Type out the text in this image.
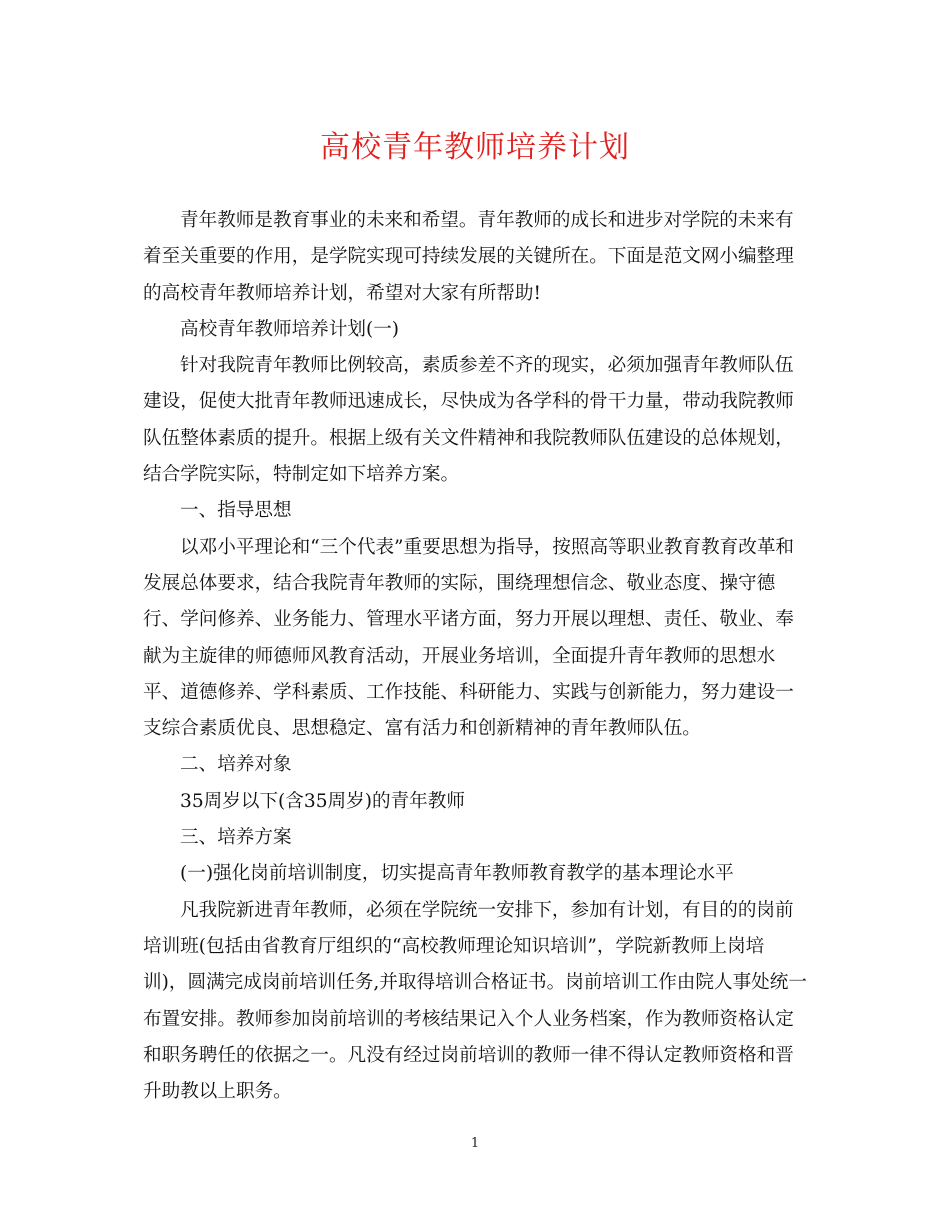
高校青年教师培养计划

青年教师是教育事业的未来和希望。青年教师的成长和进步对学院的未来有着至关重要的作用，是学院实现可持续发展的关键所在。下面是范文网小编整理的高校青年教师培养计划，希望对大家有所帮助!

高校青年教师培养计划(一)

针对我院青年教师比例较高，素质参差不齐的现实，必须加强青年教师队伍建设，促使大批青年教师迅速成长，尽快成为各学科的骨干力量，带动我院教师队伍整体素质的提升。根据上级有关文件精神和我院教师队伍建设的总体规划，结合学院实际，特制定如下培养方案。

一、指导思想

以邓小平理论和“三个代表”重要思想为指导，按照高等职业教育教育改革和发展总体要求，结合我院青年教师的实际，围绕理想信念、敬业态度、操守德行、学问修养、业务能力、管理水平诸方面，努力开展以理想、责任、敬业、奉献为主旋律的师德师风教育活动，开展业务培训，全面提升青年教师的思想水平、道德修养、学科素质、工作技能、科研能力、实践与创新能力，努力建设一支综合素质优良、思想稳定、富有活力和创新精神的青年教师队伍。

二、培养对象

35周岁以下(含35周岁)的青年教师

三、培养方案

(一)强化岗前培训制度，切实提高青年教师教育教学的基本理论水平

凡我院新进青年教师，必须在学院统一安排下，参加有计划，有目的的岗前培训班(包括由省教育厅组织的“高校教师理论知识培训”，学院新教师上岗培训)，圆满完成岗前培训任务,并取得培训合格证书。岗前培训工作由院人事处统一布置安排。教师参加岗前培训的考核结果记入个人业务档案，作为教师资格认定和职务聘任的依据之一。凡没有经过岗前培训的教师一律不得认定教师资格和晋升助教以上职务。

1
